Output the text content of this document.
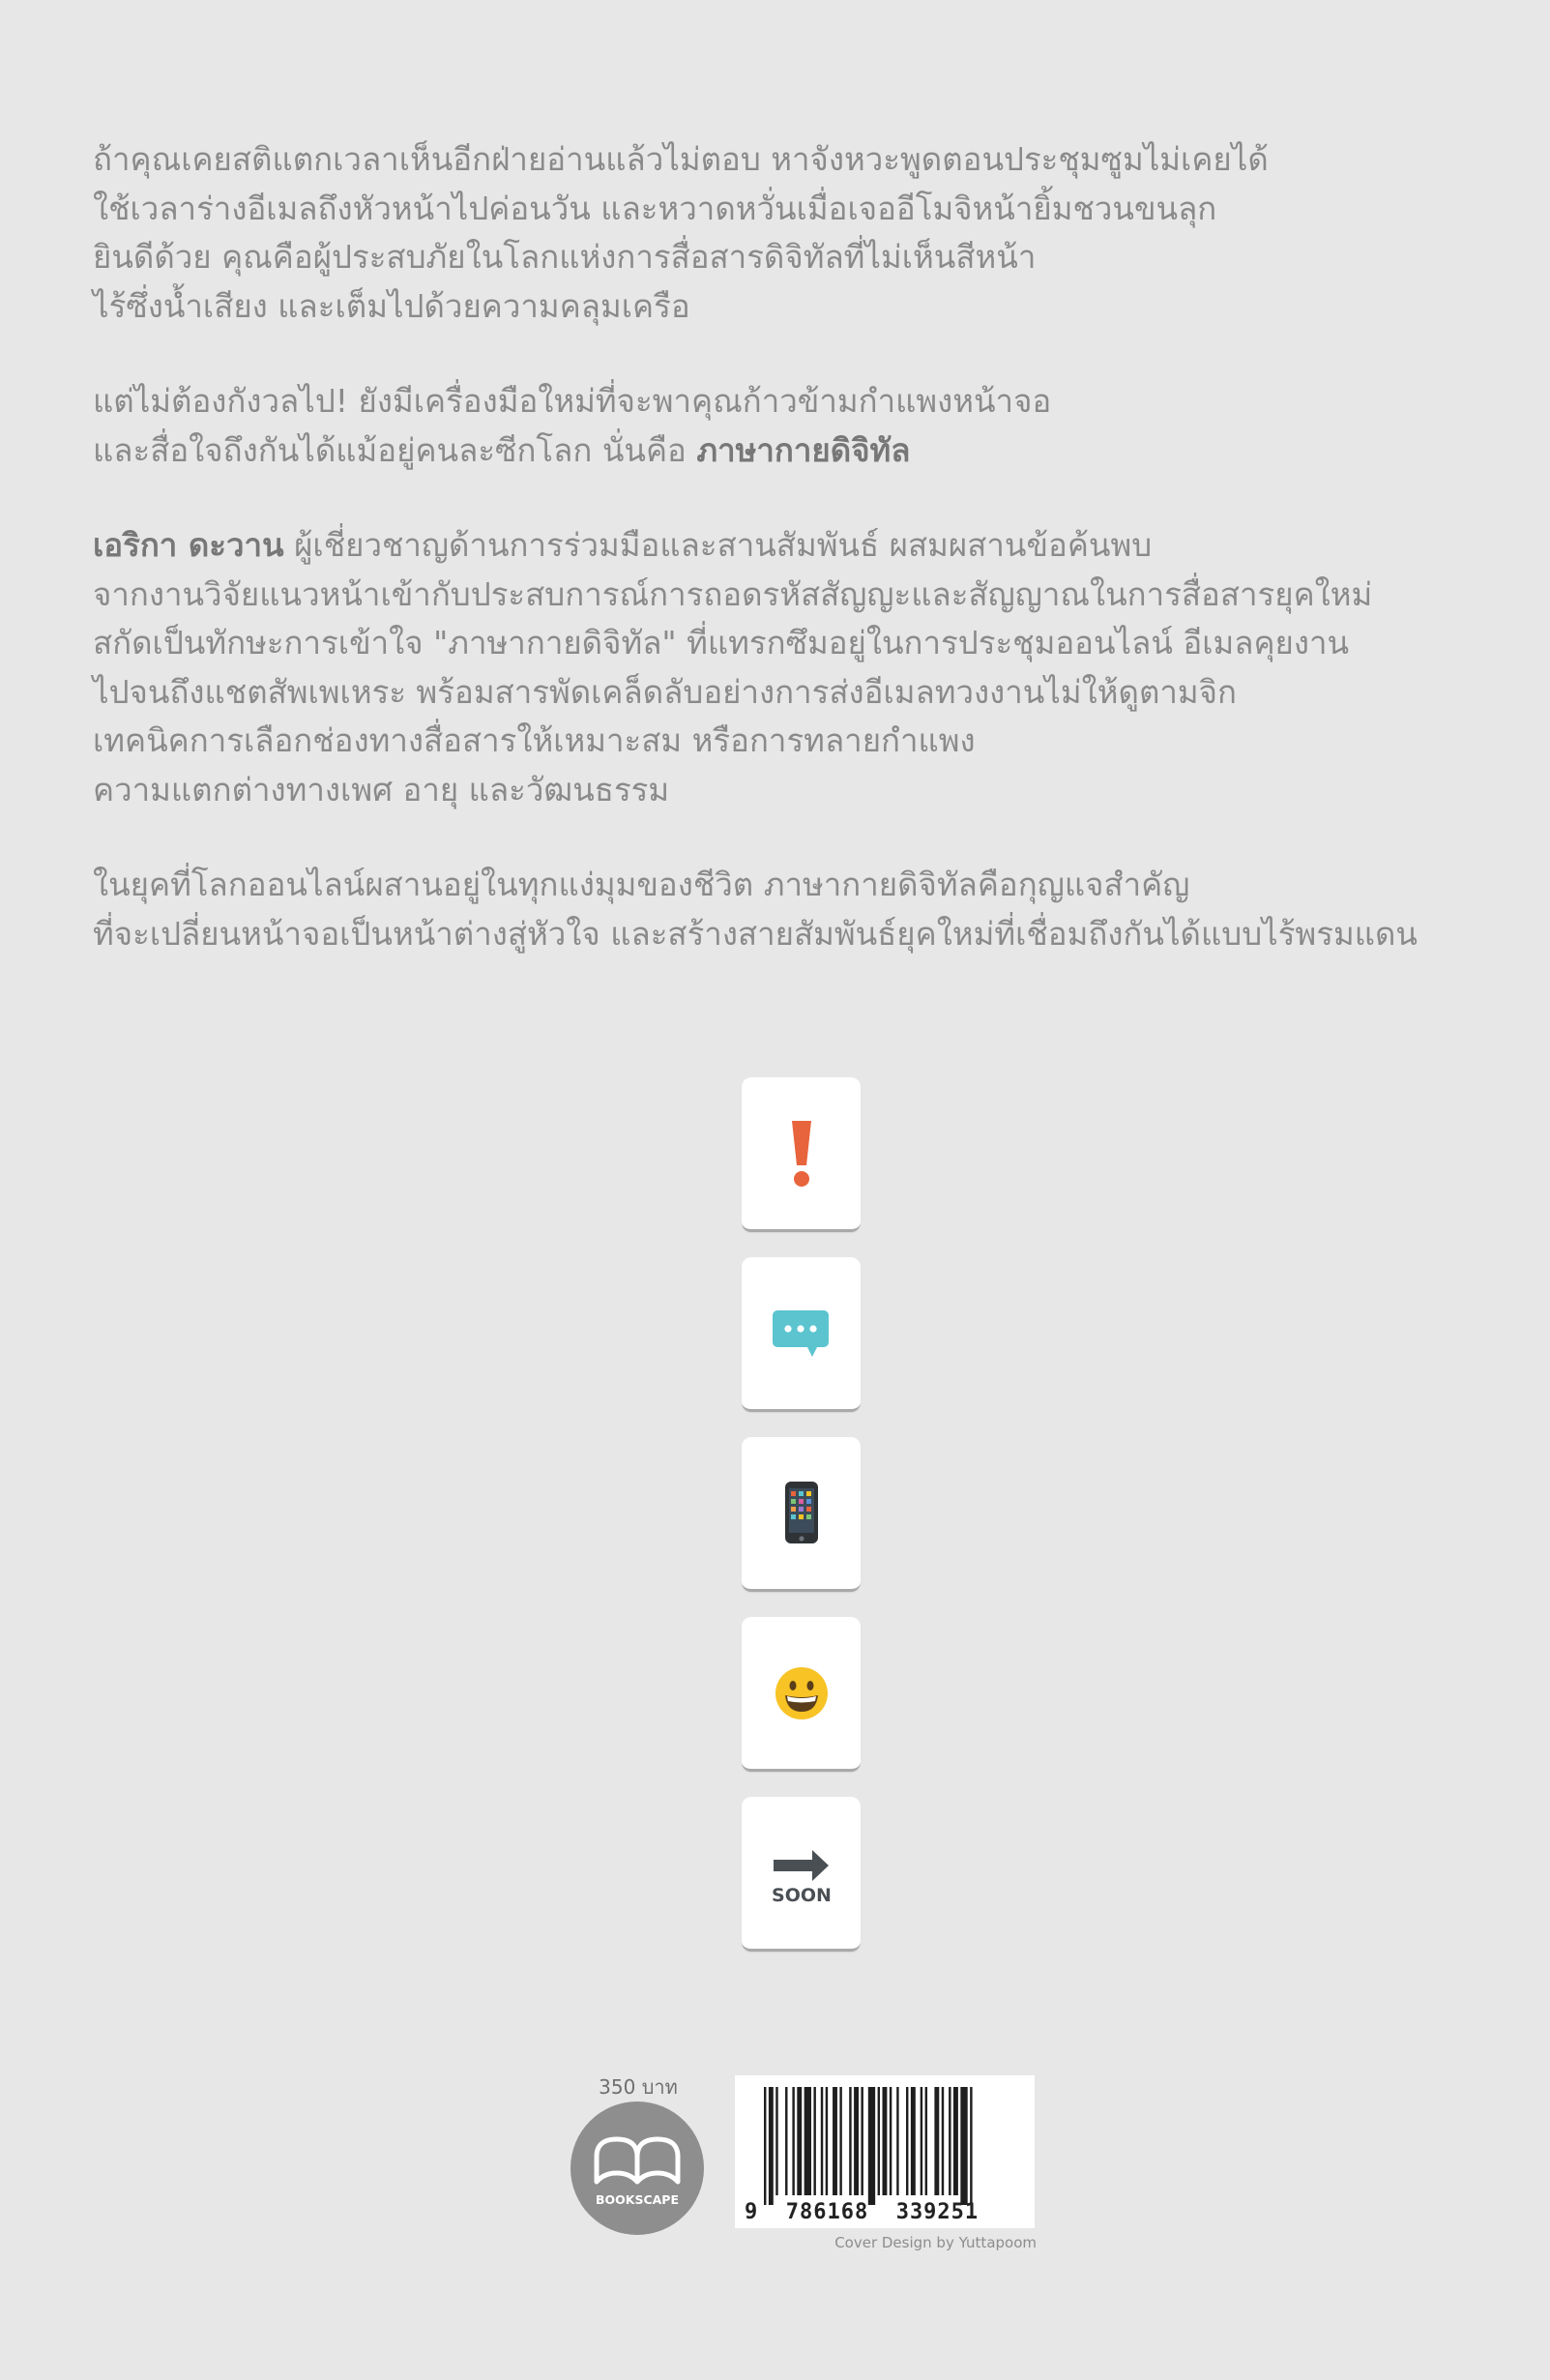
ถ้าคุณเคยสติแตกเวลาเห็นอีกฝ่ายอ่านแล้วไม่ตอบ หาจังหวะพูดตอนประชุมซูมไม่เคยได้
ใช้เวลาร่างอีเมลถึงหัวหน้าไปค่อนวัน และหวาดหวั่นเมื่อเจออีโมจิหน้ายิ้มชวนขนลุก
ยินดีด้วย คุณคือผู้ประสบภัยในโลกแห่งการสื่อสารดิจิทัลที่ไม่เห็นสีหน้า
ไร้ซึ่งน้ำเสียง และเต็มไปด้วยความคลุมเครือ
แต่ไม่ต้องกังวลไป! ยังมีเครื่องมือใหม่ที่จะพาคุณก้าวข้ามกำแพงหน้าจอ
และสื่อใจถึงกันได้แม้อยู่คนละซีกโลก นั่นคือ ภาษากายดิจิทัล
เอริกา ดะวาน ผู้เชี่ยวชาญด้านการร่วมมือและสานสัมพันธ์ ผสมผสานข้อค้นพบ
จากงานวิจัยแนวหน้าเข้ากับประสบการณ์การถอดรหัสสัญญะและสัญญาณในการสื่อสารยุคใหม่
สกัดเป็นทักษะการเข้าใจ "ภาษากายดิจิทัล" ที่แทรกซึมอยู่ในการประชุมออนไลน์ อีเมลคุยงาน
ไปจนถึงแชตสัพเพเหระ พร้อมสารพัดเคล็ดลับอย่างการส่งอีเมลทวงงานไม่ให้ดูตามจิก
เทคนิคการเลือกช่องทางสื่อสารให้เหมาะสม หรือการทลายกำแพง
ความแตกต่างทางเพศ อายุ และวัฒนธรรม
ในยุคที่โลกออนไลน์ผสานอยู่ในทุกแง่มุมของชีวิต ภาษากายดิจิทัลคือกุญแจสำคัญ
ที่จะเปลี่ยนหน้าจอเป็นหน้าต่างสู่หัวใจ และสร้างสายสัมพันธ์ยุคใหม่ที่เชื่อมถึงกันได้แบบไร้พรมแดน
SOON
350 บาท
BOOKSCAPE
9  786168  339251
Cover Design by Yuttapoom
